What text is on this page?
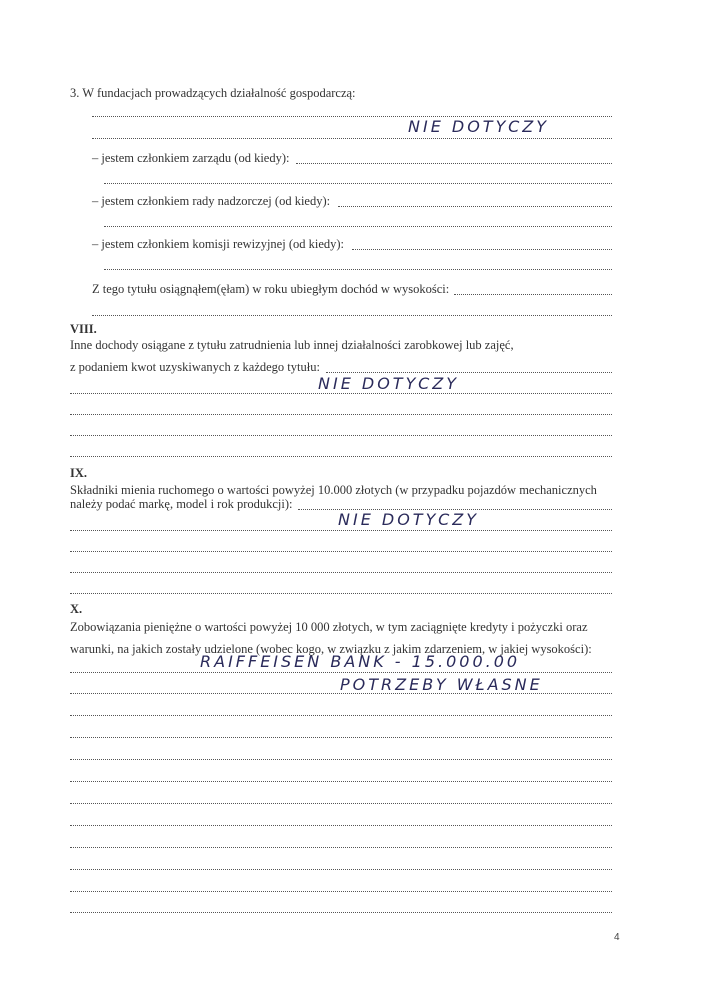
3. W fundacjach prowadzących działalność gospodarczą:
NIE DOTYCZY
– jestem członkiem zarządu (od kiedy):
– jestem członkiem rady nadzorczej (od kiedy):
– jestem członkiem komisji rewizyjnej (od kiedy):
Z tego tytułu osiągnąłem(ęłam) w roku ubiegłym dochód w wysokości:
VIII.
Inne dochody osiągane z tytułu zatrudnienia lub innej działalności zarobkowej lub zajęć,
z podaniem kwot uzyskiwanych z każdego tytułu:
NIE DOTYCZY
IX.
Składniki mienia ruchomego o wartości powyżej 10.000 złotych (w przypadku pojazdów mechanicznych
należy podać markę, model i rok produkcji):
NIE DOTYCZY
X.
Zobowiązania pieniężne o wartości powyżej 10 000 złotych, w tym zaciągnięte kredyty i pożyczki oraz
warunki, na jakich zostały udzielone (wobec kogo, w związku z jakim zdarzeniem, w jakiej wysokości):
RAIFFEISEN BANK - 15.000.00
POTRZEBY WŁASNE
4
